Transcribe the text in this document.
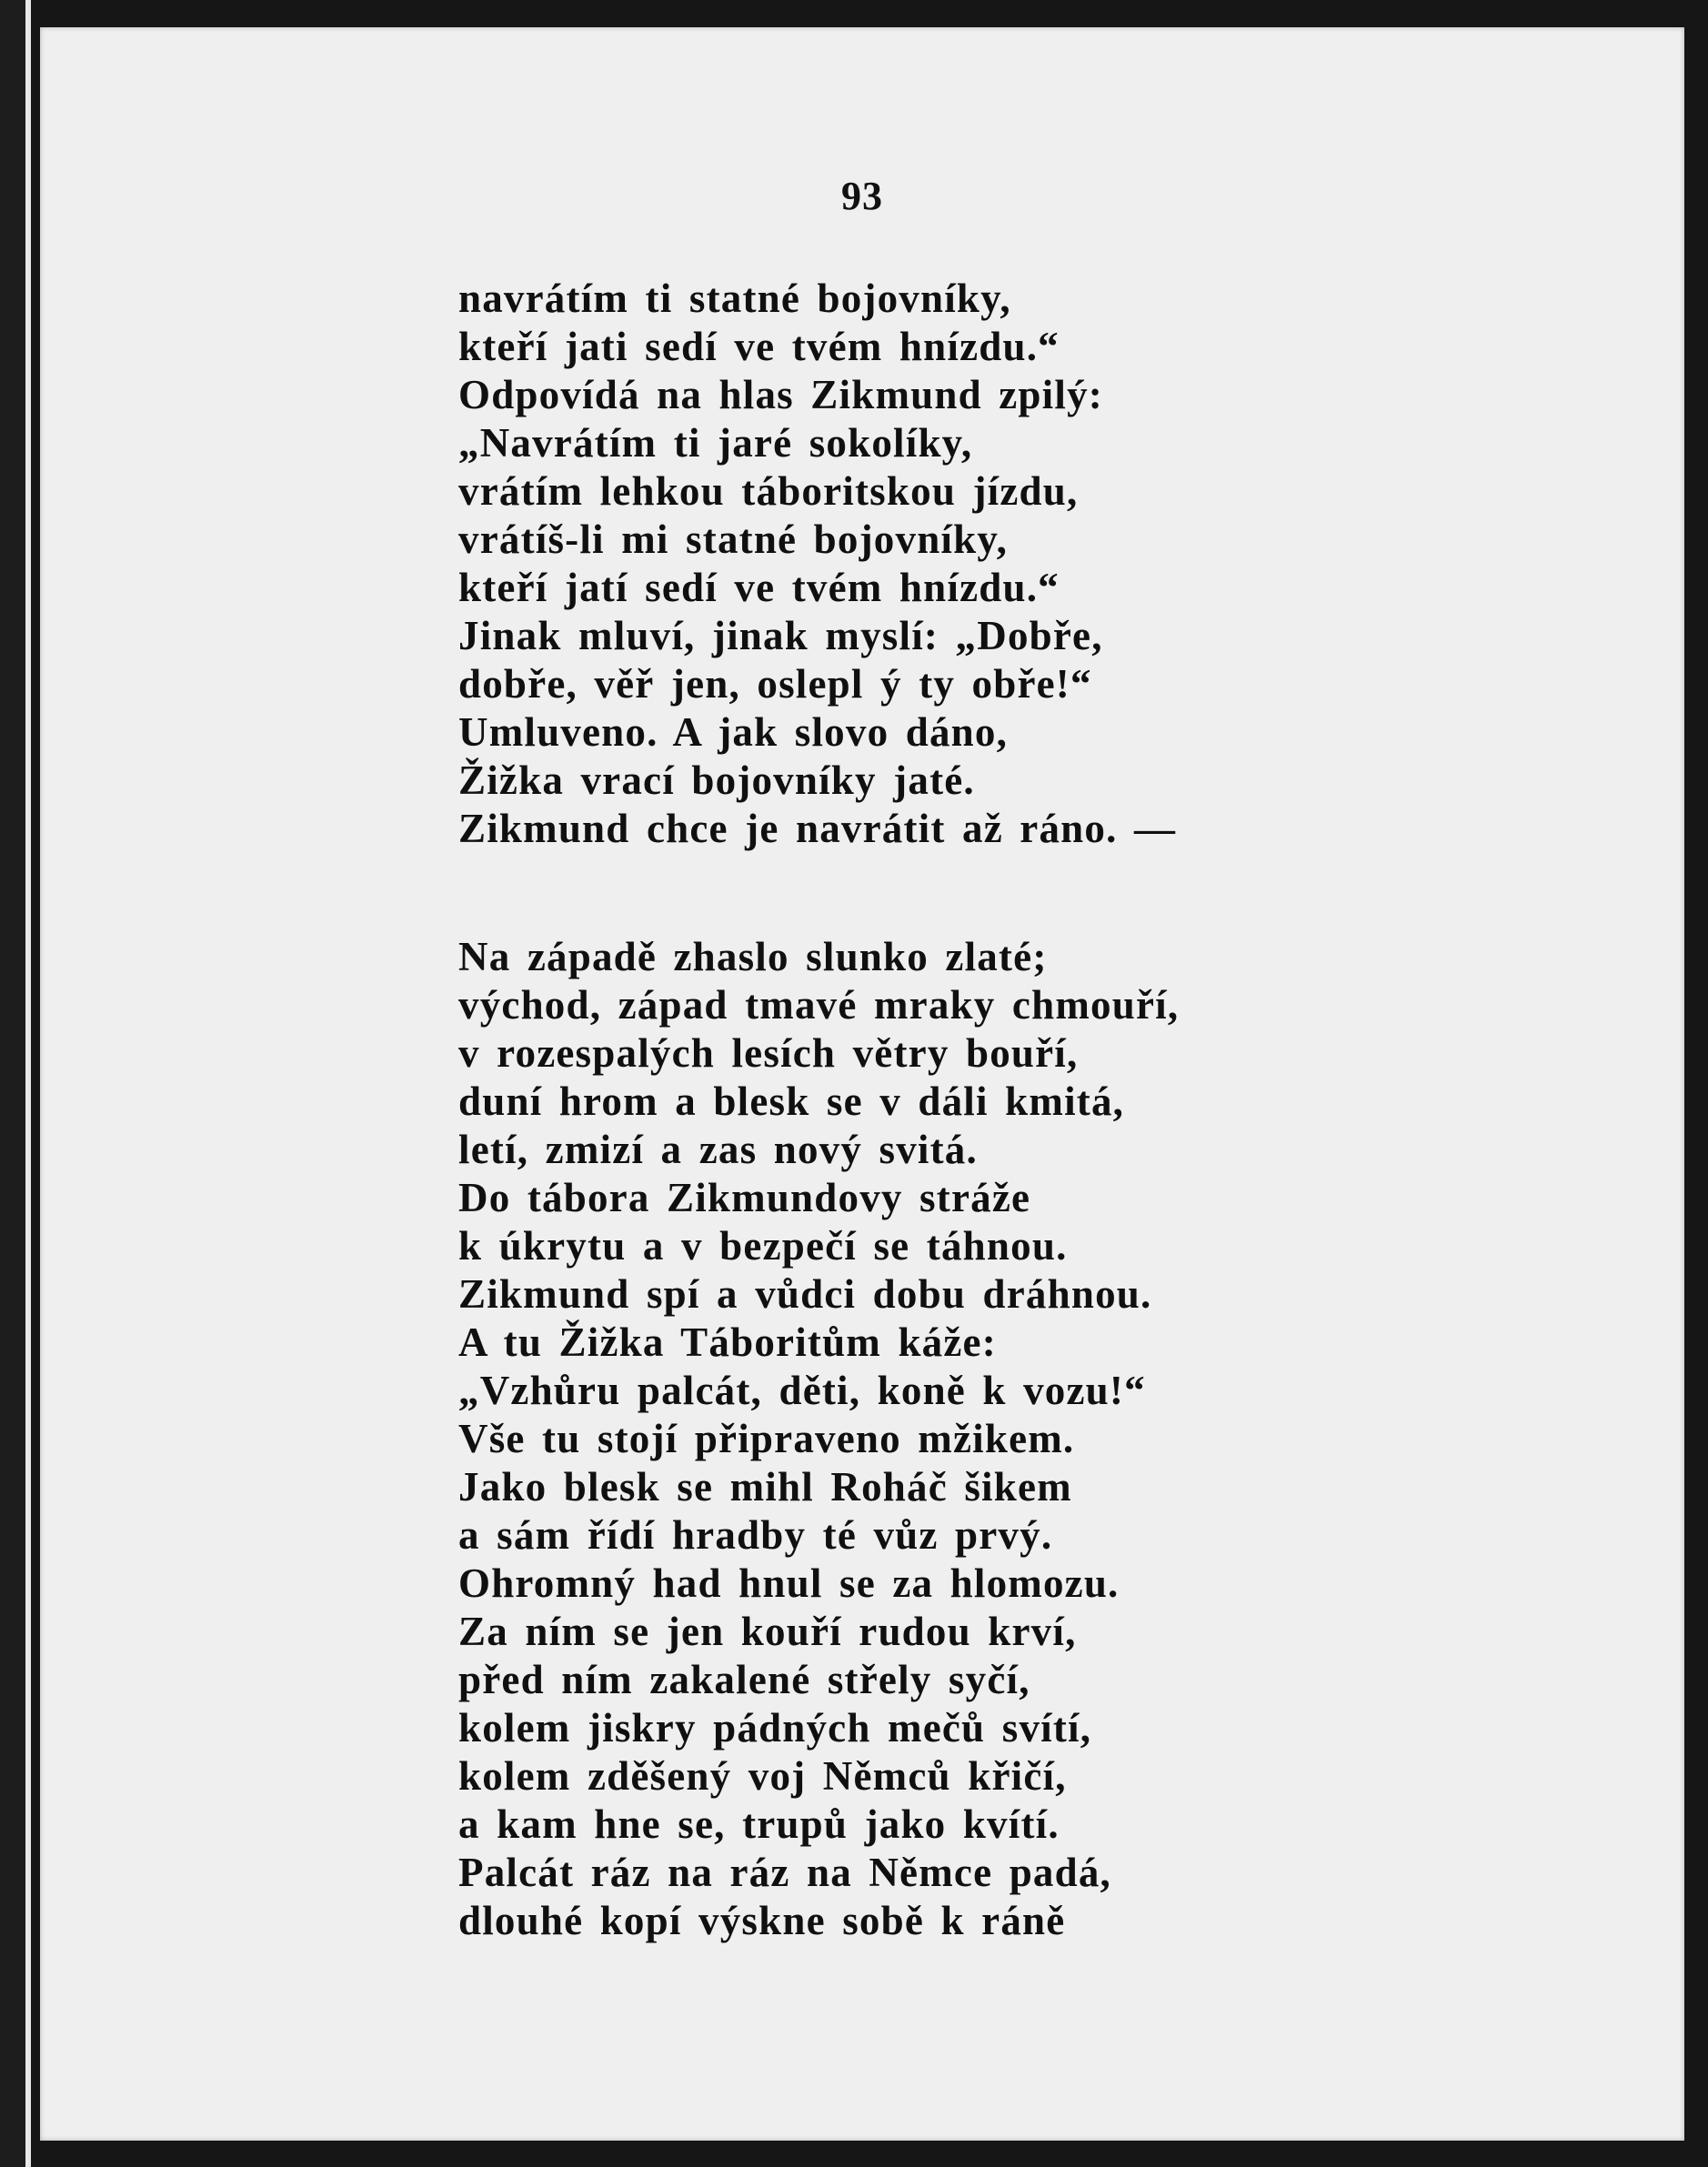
93
navrátím ti statné bojovníky,
kteří jati sedí ve tvém hnízdu.“
Odpovídá na hlas Zikmund zpilý:
„Navrátím ti jaré sokolíky,
vrátím lehkou táboritskou jízdu,
vrátíš-li mi statné bojovníky,
kteří jatí sedí ve tvém hnízdu.“
Jinak mluví, jinak myslí: „Dobře,
dobře, věř jen, oslepl ý ty obře!“
Umluveno. A jak slovo dáno,
Žižka vrací bojovníky jaté.
Zikmund chce je navrátit až ráno. —
Na západě zhaslo slunko zlaté;
východ, západ tmavé mraky chmouří,
v rozespalých lesích větry bouří,
duní hrom a blesk se v dáli kmitá,
letí, zmizí a zas nový svitá.
Do tábora Zikmundovy stráže
k úkrytu a v bezpečí se táhnou.
Zikmund spí a vůdci dobu dráhnou.
A tu Žižka Táboritům káže:
„Vzhůru palcát, děti, koně k vozu!“
Vše tu stojí připraveno mžikem.
Jako blesk se mihl Roháč šikem
a sám řídí hradby té vůz prvý.
Ohromný had hnul se za hlomozu.
Za ním se jen kouří rudou krví,
před ním zakalené střely syčí,
kolem jiskry pádných mečů svítí,
kolem zděšený voj Němců křičí,
a kam hne se, trupů jako kvítí.
Palcát ráz na ráz na Němce padá,
dlouhé kopí výskne sobě k ráně
